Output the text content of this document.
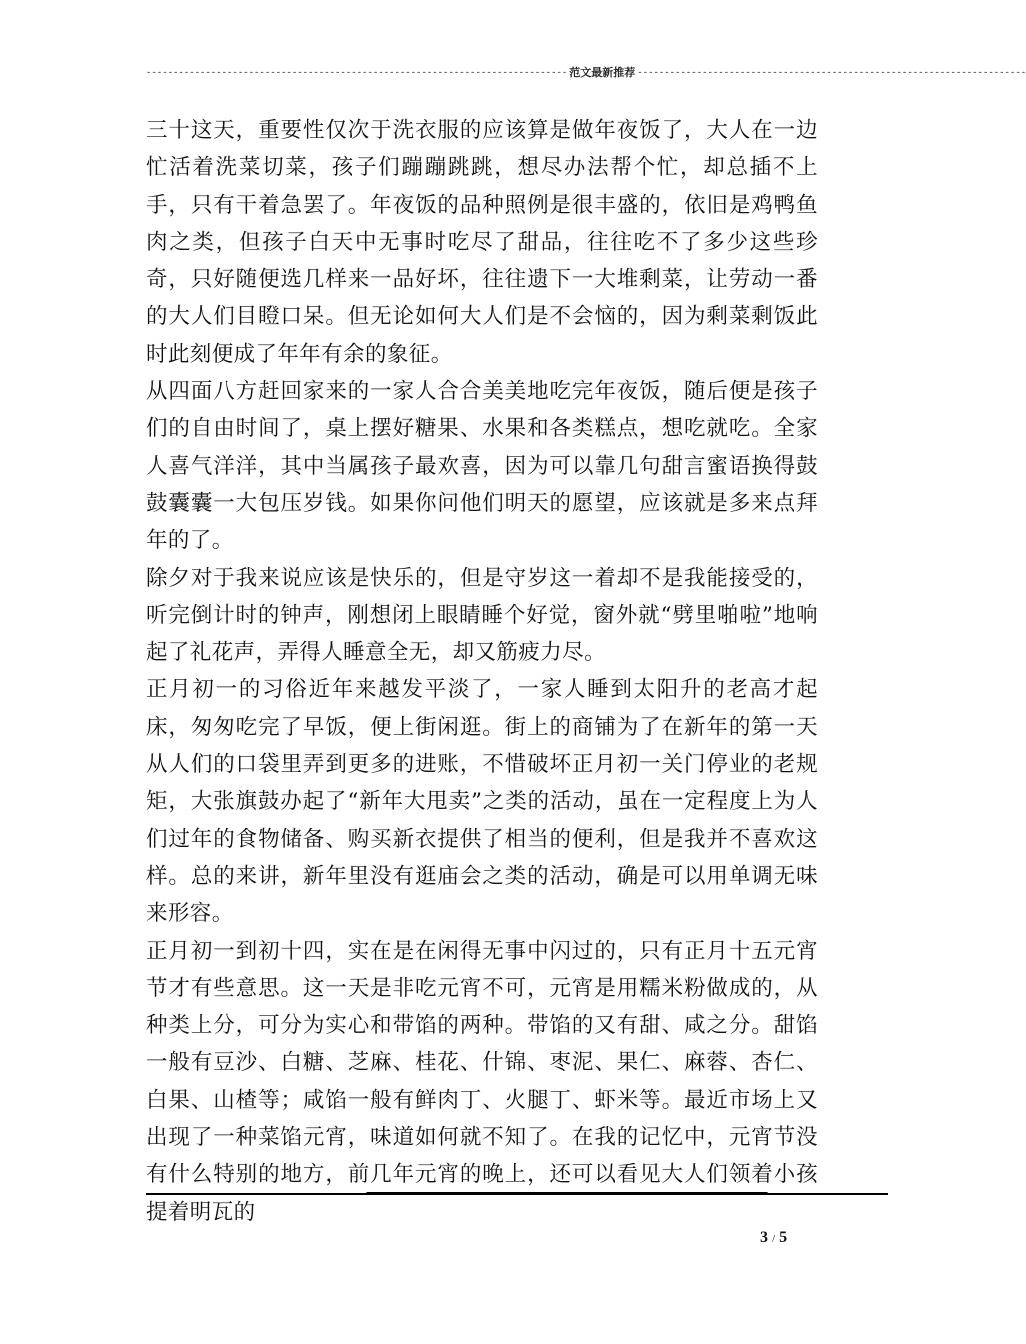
------------------------------------------------------------------------------ 范文最新推荐 ------------------------------------------------------------------------

三十这天，重要性仅次于洗衣服的应该算是做年夜饭了，大人在一边忙活着洗菜切菜，孩子们蹦蹦跳跳，想尽办法帮个忙，却总插不上手，只有干着急罢了。年夜饭的品种照例是很丰盛的，依旧是鸡鸭鱼肉之类，但孩子白天中无事时吃尽了甜品，往往吃不了多少这些珍奇，只好随便选几样来一品好坏，往往遗下一大堆剩菜，让劳动一番的大人们目瞪口呆。但无论如何大人们是不会恼的，因为剩菜剩饭此时此刻便成了年年有余的象征。

从四面八方赶回家来的一家人合合美美地吃完年夜饭，随后便是孩子们的自由时间了，桌上摆好糖果、水果和各类糕点，想吃就吃。全家人喜气洋洋，其中当属孩子最欢喜，因为可以靠几句甜言蜜语换得鼓鼓囊囊一大包压岁钱。如果你问他们明天的愿望，应该就是多来点拜年的了。

除夕对于我来说应该是快乐的，但是守岁这一着却不是我能接受的，听完倒计时的钟声，刚想闭上眼睛睡个好觉，窗外就“劈里啪啦”地响起了礼花声，弄得人睡意全无，却又筋疲力尽。

正月初一的习俗近年来越发平淡了，一家人睡到太阳升的老高才起床，匆匆吃完了早饭，便上街闲逛。街上的商铺为了在新年的第一天从人们的口袋里弄到更多的进账，不惜破坏正月初一关门停业的老规矩，大张旗鼓办起了“新年大甩卖”之类的活动，虽在一定程度上为人们过年的食物储备、购买新衣提供了相当的便利，但是我并不喜欢这样。总的来讲，新年里没有逛庙会之类的活动，确是可以用单调无味来形容。

正月初一到初十四，实在是在闲得无事中闪过的，只有正月十五元宵节才有些意思。这一天是非吃元宵不可，元宵是用糯米粉做成的，从种类上分，可分为实心和带馅的两种。带馅的又有甜、咸之分。甜馅一般有豆沙、白糖、芝麻、桂花、什锦、枣泥、果仁、麻蓉、杏仁、白果、山楂等；咸馅一般有鲜肉丁、火腿丁、虾米等。最近市场上又出现了一种菜馅元宵，味道如何就不知了。在我的记忆中，元宵节没有什么特别的地方，前几年元宵的晚上，还可以看见大人们领着小孩提着明瓦的

3 / 5
